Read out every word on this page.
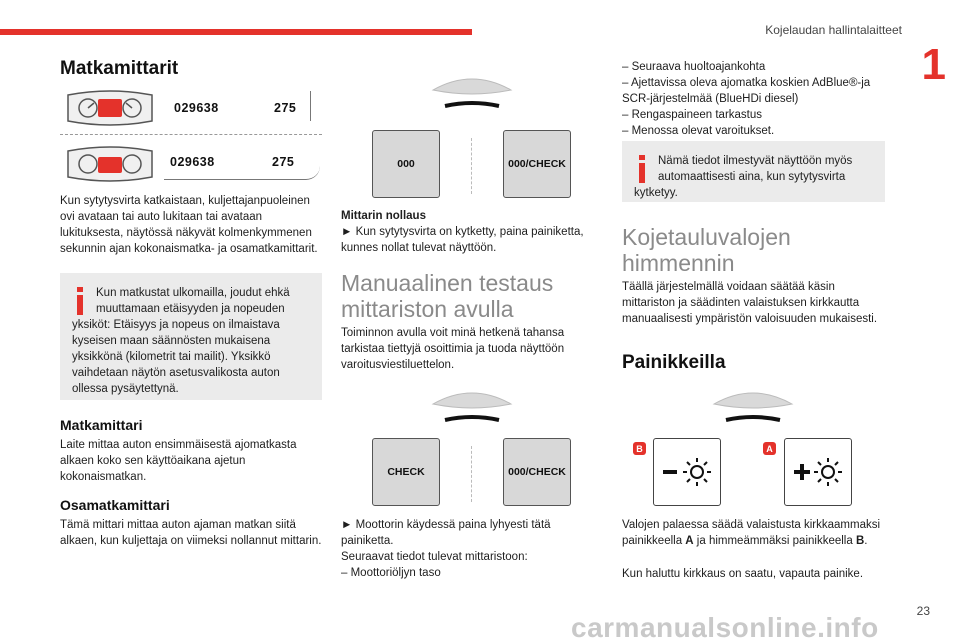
Kojelaudan hallintalaitteet
1
Matkamittarit
029638	275
029638	275
Kun sytytysvirta katkaistaan, kuljettajanpuoleinen ovi avataan tai auto lukitaan tai avataan lukituksesta, näytössä näkyvät kolmenkymmenen sekunnin ajan kokonaismatka- ja osamatkamittarit.
Kun matkustat ulkomailla, joudut ehkä muuttamaan etäisyyden ja nopeuden yksiköt: Etäisyys ja nopeus on ilmaistava kyseisen maan säännösten mukaisena yksikkönä (kilometrit tai mailit). Yksikkö vaihdetaan näytön asetusvalikosta auton ollessa pysäytettynä.
Matkamittari
Laite mittaa auton ensimmäisestä ajomatkasta alkaen koko sen käyttöaikana ajetun kokonaismatkan.
Osamatkamittari
Tämä mittari mittaa auton ajaman matkan siitä alkaen, kun kuljettaja on viimeksi nollannut mittarin.
000	000/CHECK
Mittarin nollaus
► Kun sytytysvirta on kytketty, paina painiketta, kunnes nollat tulevat näyttöön.
Manuaalinen testaus mittariston avulla
Toiminnon avulla voit minä hetkenä tahansa tarkistaa tiettyjä osoittimia ja tuoda näyttöön varoitusviestiluettelon.
CHECK	000/CHECK
► Moottorin käydessä paina lyhyesti tätä painiketta.
Seuraavat tiedot tulevat mittaristoon:
– Moottoriöljyn taso
– Seuraava huoltoajankohta
– Ajettavissa oleva ajomatka koskien AdBlue®-ja SCR-järjestelmää (BlueHDi diesel)
– Rengaspaineen tarkastus
– Menossa olevat varoitukset.
Nämä tiedot ilmestyvät näyttöön myös automaattisesti aina, kun sytytysvirta kytketyy.
Kojetauluvalojen himmennin
Täällä järjestelmällä voidaan säätää käsin mittariston ja säädinten valaistuksen kirkkautta manuaalisesti ympäristön valoisuuden mukaisesti.
Painikkeilla
B	A
Valojen palaessa säädä valaistusta kirkkaammaksi painikkeella A ja himmeämmäksi painikkeella B.
Kun haluttu kirkkaus on saatu, vapauta painike.
23
carmanualsonline.info
